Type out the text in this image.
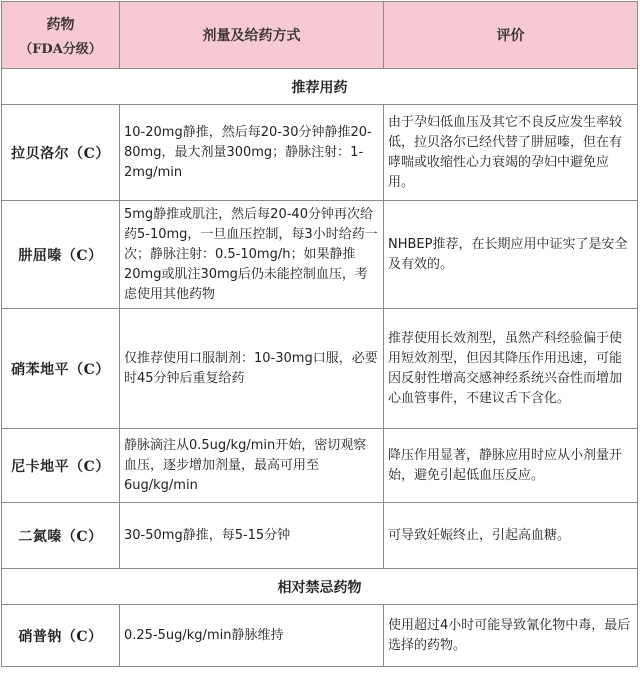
药物
（FDA分级）	剂量及给药方式	评价
推荐用药		
拉贝洛尔（C）	10-20mg静推，然后每20-30分钟静推20-80mg，最大剂量300mg；静脉注射：1-2mg/min	由于孕妇低血压及其它不良反应发生率较低，拉贝洛尔已经代替了肼屈嗪，但在有哮喘或收缩性心力衰竭的孕妇中避免应用。
肼屈嗪（C）	5mg静推或肌注，然后每20-40分钟再次给药5-10mg，一旦血压控制，每3小时给药一次；静脉注射：0.5-10mg/h；如果静推20mg或肌注30mg后仍未能控制血压，考虑使用其他药物	NHBEP推荐，在长期应用中证实了是安全及有效的。
硝苯地平（C）	仅推荐使用口服制剂：10-30mg口服，必要时45分钟后重复给药	推荐使用长效剂型，虽然产科经验偏于使用短效剂型，但因其降压作用迅速，可能因反射性增高交感神经系统兴奋性而增加心血管事件，不建议舌下含化。
尼卡地平（C）	静脉滴注从0.5ug/kg/min开始，密切观察血压，逐步增加剂量，最高可用至6ug/kg/min	降压作用显著，静脉应用时应从小剂量开始，避免引起低血压反应。
二氮嗪（C）	30-50mg静推，每5-15分钟	可导致妊娠终止，引起高血糖。
相对禁忌药物		
硝普钠（C）	0.25-5ug/kg/min静脉维持	使用超过4小时可能导致氰化物中毒，最后选择的药物。
